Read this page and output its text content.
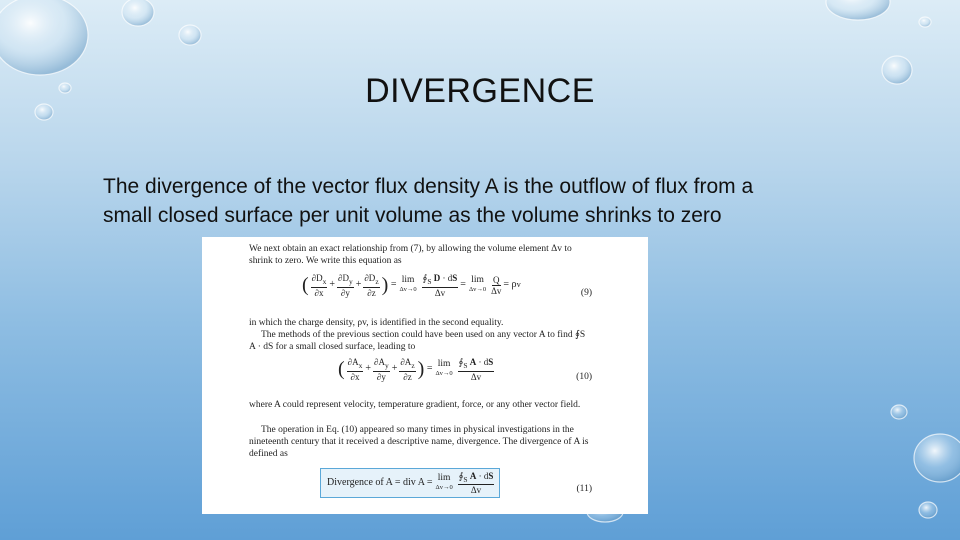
DIVERGENCE
The divergence of the vector flux density A is the outflow of flux from a small closed surface per unit volume as the volume shrinks to zero

We next obtain an exact relationship from (7), by allowing the volume element Δv to shrink to zero. We write this equation as

( $\frac{\partial D_x}{\partial x} + \frac{\partial D_y}{\partial y} + \frac{\partial D_z}{\partial z}$ ) = lim
$\Delta v\to 0 \frac{∮_S D \cdot dS}{\Delta v} = \lim$
$\Delta v\to 0 \frac{Q}{\Delta v} = \rho$ v
(9)

in which the charge density, ρv, is identified in the second equality.

The methods of the previous section could have been used on any vector A to find ∮S A · dS for a small closed surface, leading to

( $\frac{\partial A_x}{\partial x} + \frac{\partial A_y}{\partial y} + \frac{\partial A_z}{\partial z}$ ) = lim
$\Delta v\to 0 \frac{∮_S A \cdot dS}{\Delta v}$	(10)

where A could represent velocity, temperature gradient, force, or any other vector field.

The operation in Eq. (10) appeared so many times in physical investigations in the nineteenth century that it received a descriptive name, divergence. The divergence of A is defined as

Divergence of A = div A = lim
$\Delta v\to 0 \frac{∮_S A \cdot dS}{\Delta v}$	(11)
